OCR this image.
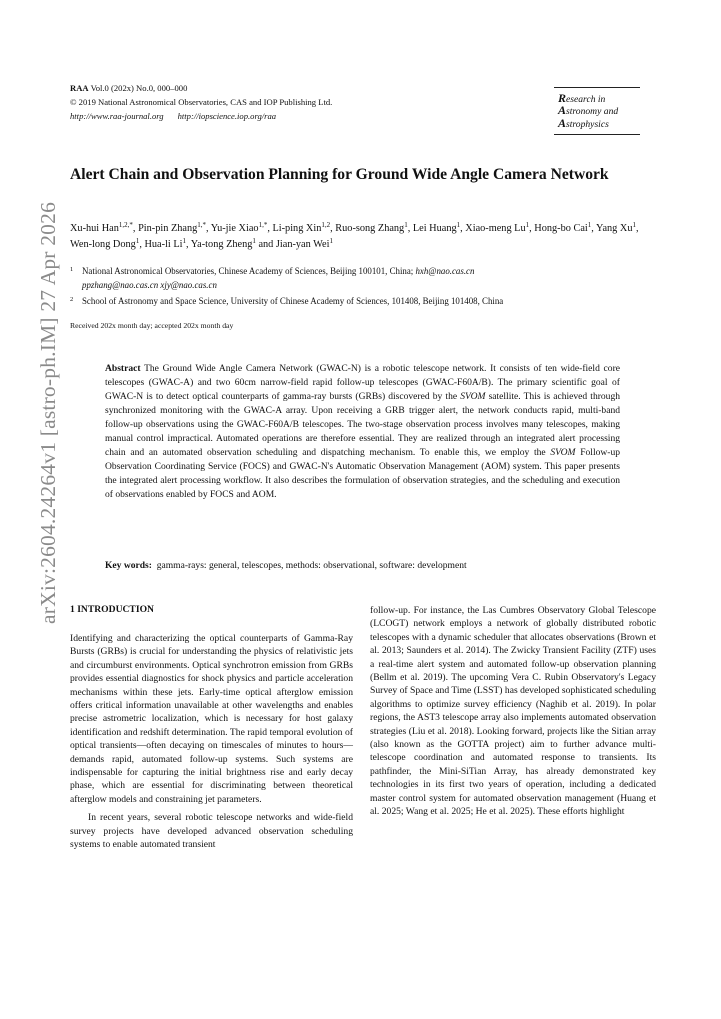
arXiv:2604.24264v1 [astro-ph.IM] 27 Apr 2026
RAA Vol.0 (202x) No.0, 000–000
© 2019 National Astronomical Observatories, CAS and IOP Publishing Ltd.
http://www.raa-journal.org http://iopscience.iop.org/raa
Research in
Astronomy and
Astrophysics
Alert Chain and Observation Planning for Ground Wide Angle Camera Network
Xu-hui Han$^{1,2,*}$, Pin-pin Zhang$^{1,*}$, Yu-jie Xiao$^{1,*}$, Li-ping Xin$^{1,2}$, Ruo-song Zhang$^1$, Lei Huang$^1$, Xiao-meng Lu$^1$, Hong-bo Cai$^1$, Yang Xu$^1$, Wen-long Dong$^1$, Hua-li Li$^1$, Ya-tong Zheng$^1$ and Jian-yan Wei$^1$
1 National Astronomical Observatories, Chinese Academy of Sciences, Beijing 100101, China; hxh@nao.cas.cn
ppzhang@nao.cas.cn xjy@nao.cas.cn
2 School of Astronomy and Space Science, University of Chinese Academy of Sciences, 101408, Beijing 101408, China
Received 202x month day; accepted 202x month day
Abstract The Ground Wide Angle Camera Network (GWAC-N) is a robotic telescope network. It consists of ten wide-field core telescopes (GWAC-A) and two 60cm narrow-field rapid follow-up telescopes (GWAC-F60A/B). The primary scientific goal of GWAC-N is to detect optical counterparts of gamma-ray bursts (GRBs) discovered by the SVOM satellite. This is achieved through synchronized monitoring with the GWAC-A array. Upon receiving a GRB trigger alert, the network conducts rapid, multi-band follow-up observations using the GWAC-F60A/B telescopes. The two-stage observation process involves many telescopes, making manual control impractical. Automated operations are therefore essential. They are realized through an integrated alert processing chain and an automated observation scheduling and dispatching mechanism. To enable this, we employ the SVOM Follow-up Observation Coordinating Service (FOCS) and GWAC-N's Automatic Observation Management (AOM) system. This paper presents the integrated alert processing workflow. It also describes the formulation of observation strategies, and the scheduling and execution of observations enabled by FOCS and AOM.
Key words: gamma-rays: general, telescopes, methods: observational, software: development
1 INTRODUCTION

Identifying and characterizing the optical counterparts of Gamma-Ray Bursts (GRBs) is crucial for understanding the physics of relativistic jets and circumburst environments. Optical synchrotron emission from GRBs provides essential diagnostics for shock physics and particle acceleration mechanisms within these jets. Early-time optical afterglow emission offers critical information unavailable at other wavelengths and enables precise astrometric localization, which is necessary for host galaxy identification and redshift determination. The rapid temporal evolution of optical transients—often decaying on timescales of minutes to hours—demands rapid, automated follow-up systems. Such systems are indispensable for capturing the initial brightness rise and early decay phase, which are essential for discriminating between theoretical afterglow models and constraining jet parameters.

In recent years, several robotic telescope networks and wide-field survey projects have developed advanced observation scheduling systems to enable automated transient

follow-up. For instance, the Las Cumbres Observatory Global Telescope (LCOGT) network employs a network of globally distributed robotic telescopes with a dynamic scheduler that allocates observations (Brown et al. 2013; Saunders et al. 2014). The Zwicky Transient Facility (ZTF) uses a real-time alert system and automated follow-up observation planning (Bellm et al. 2019). The upcoming Vera C. Rubin Observatory's Legacy Survey of Space and Time (LSST) has developed sophisticated scheduling algorithms to optimize survey efficiency (Naghib et al. 2019). In polar regions, the AST3 telescope array also implements automated observation strategies (Liu et al. 2018). Looking forward, projects like the Sitian array (also known as the GOTTA project) aim to further advance multi-telescope coordination and automated response to transients. Its pathfinder, the Mini-SiTian Array, has already demonstrated key technologies in its first two years of operation, including a dedicated master control system for automated observation management (Huang et al. 2025; Wang et al. 2025; He et al. 2025). These efforts highlight
